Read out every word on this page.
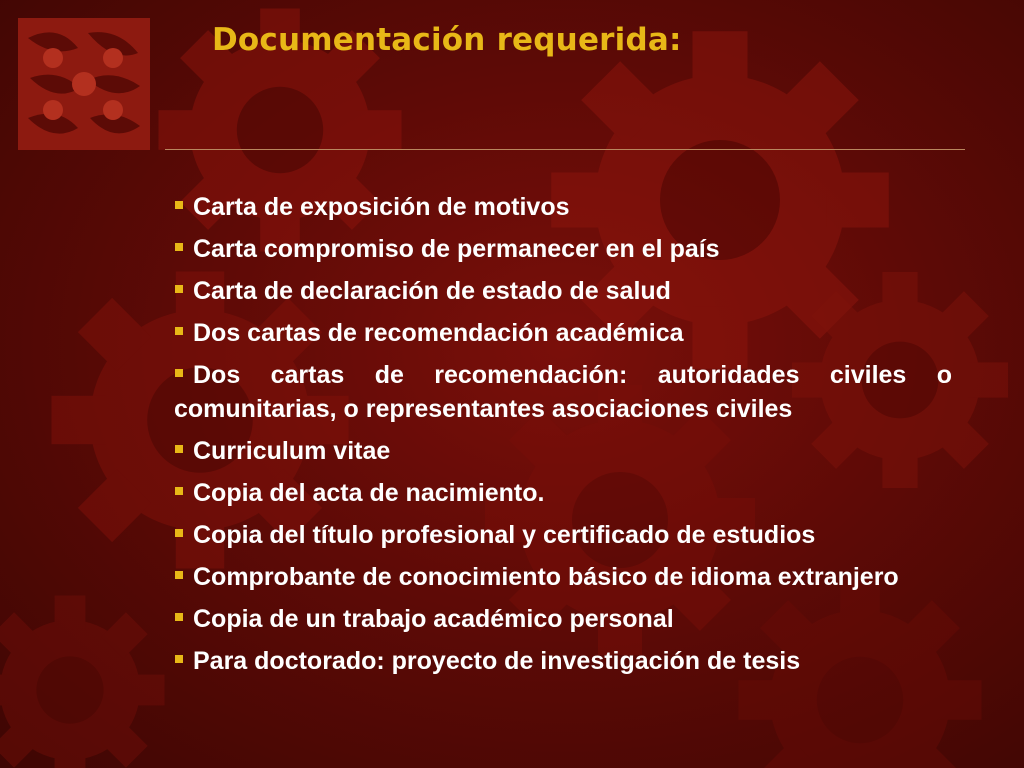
Documentación requerida:
Carta de exposición de motivos
Carta compromiso de permanecer en el país
Carta de declaración de estado de salud
Dos cartas de recomendación académica
Dos cartas de recomendación: autoridades civiles o comunitarias, o representantes asociaciones civiles
Curriculum vitae
Copia del acta de nacimiento.
Copia del título profesional y certificado de estudios
Comprobante de conocimiento básico de idioma extranjero
Copia de un trabajo académico personal
Para doctorado: proyecto de investigación de tesis
